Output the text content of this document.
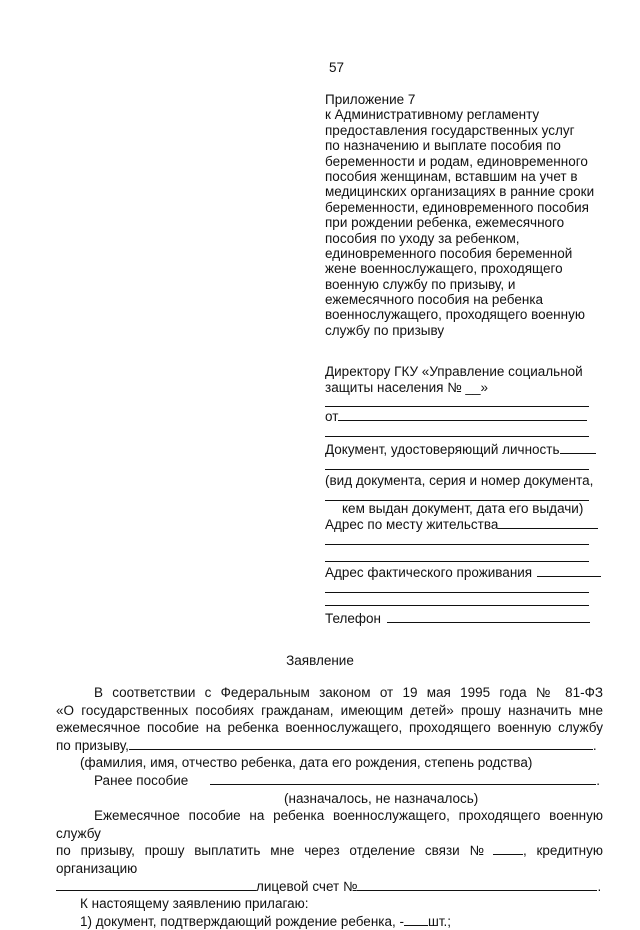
57
Приложение 7
к Административному регламенту
предоставления государственных услуг
по назначению и выплате пособия по
беременности и родам, единовременного
пособия женщинам, вставшим на учет в
медицинских организациях в ранние сроки
беременности, единовременного пособия
при рождении ребенка, ежемесячного
пособия по уходу за ребенком,
единовременного пособия беременной
жене военнослужащего, проходящего
военную службу по призыву, и
ежемесячного пособия на ребенка
военнослужащего, проходящего военную
службу по призыву
Директору ГКУ «Управление социальной
защиты населения № __»
от
Документ, удостоверяющий личность
(вид документа, серия и номер документа,
кем выдан документ, дата его выдачи)
Адрес по месту жительства
Адрес фактического проживания
Телефон
Заявление
В соответствии с Федеральным законом от 19 мая 1995 года № 81-ФЗ
«О государственных пособиях гражданам, имеющим детей» прошу назначить мне
ежемесячное пособие на ребенка военнослужащего, проходящего военную службу
по призыву,	.
(фамилия, имя, отчество ребенка, дата его рождения, степень родства)
Ранее пособие	.
(назначалось, не назначалось)
Ежемесячное пособие на ребенка военнослужащего, проходящего военную службу
по призыву, прошу выплатить мне через отделение связи № , кредитную организацию
лицевой счет №	.
К настоящему заявлению прилагаю:
1) документ, подтверждающий рождение ребенка, - шт.;
